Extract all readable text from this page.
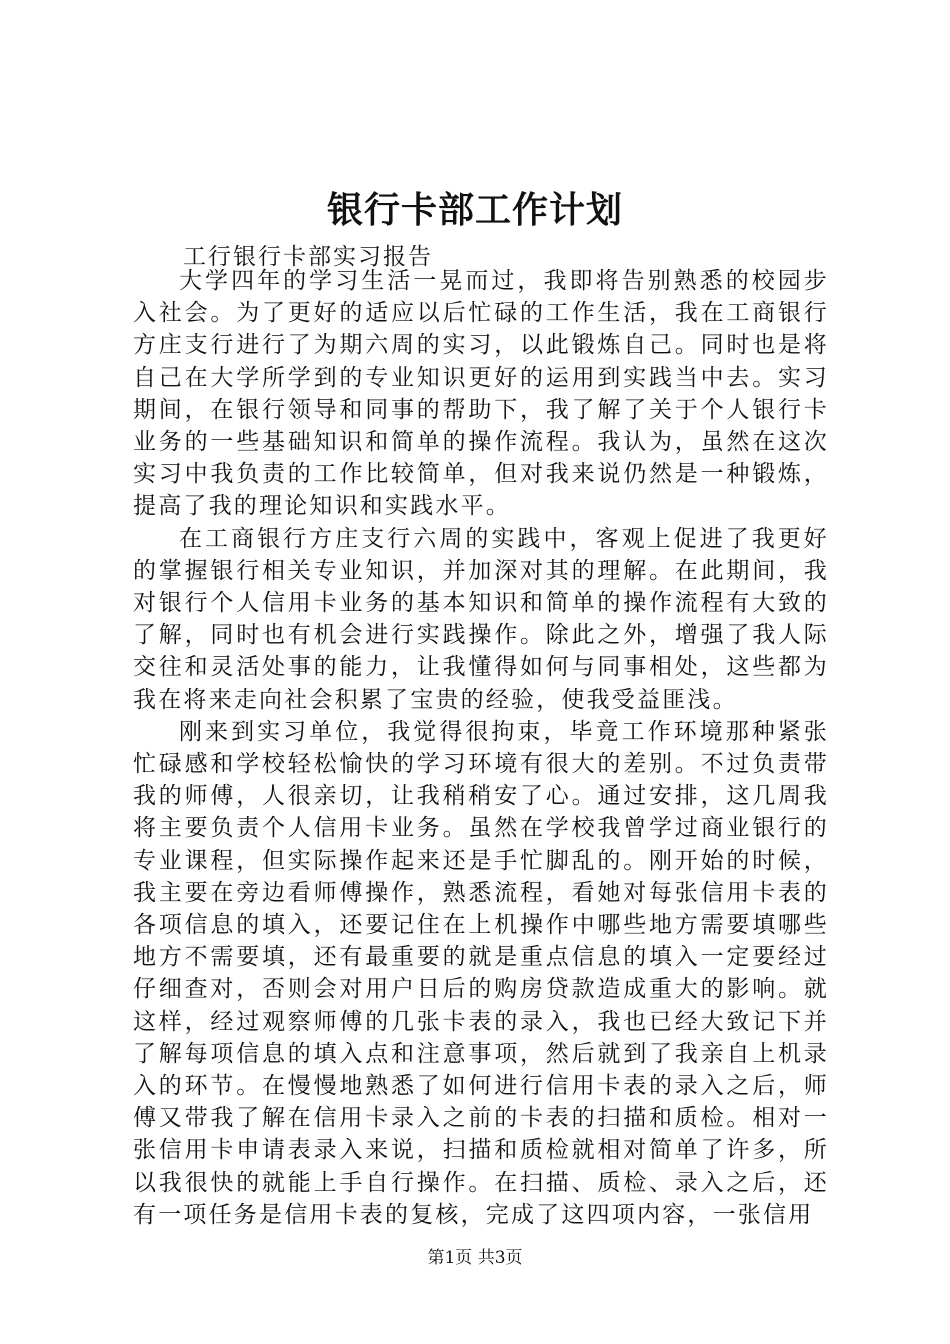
银行卡部工作计划
工行银行卡部实习报告

大学四年的学习生活一晃而过，我即将告别熟悉的校园步入社会。为了更好的适应以后忙碌的工作生活，我在工商银行方庄支行进行了为期六周的实习，以此锻炼自己。同时也是将自己在大学所学到的专业知识更好的运用到实践当中去。实习期间，在银行领导和同事的帮助下，我了解了关于个人银行卡业务的一些基础知识和简单的操作流程。我认为，虽然在这次实习中我负责的工作比较简单，但对我来说仍然是一种锻炼，提高了我的理论知识和实践水平。

在工商银行方庄支行六周的实践中，客观上促进了我更好的掌握银行相关专业知识，并加深对其的理解。在此期间，我对银行个人信用卡业务的基本知识和简单的操作流程有大致的了解，同时也有机会进行实践操作。除此之外，增强了我人际交往和灵活处事的能力，让我懂得如何与同事相处，这些都为我在将来走向社会积累了宝贵的经验，使我受益匪浅。

刚来到实习单位，我觉得很拘束，毕竟工作环境那种紧张忙碌感和学校轻松愉快的学习环境有很大的差别。不过负责带我的师傅，人很亲切，让我稍稍安了心。通过安排，这几周我将主要负责个人信用卡业务。虽然在学校我曾学过商业银行的专业课程，但实际操作起来还是手忙脚乱的。刚开始的时候，我主要在旁边看师傅操作，熟悉流程，看她对每张信用卡表的各项信息的填入，还要记住在上机操作中哪些地方需要填哪些地方不需要填，还有最重要的就是重点信息的填入一定要经过仔细查对，否则会对用户日后的购房贷款造成重大的影响。就这样，经过观察师傅的几张卡表的录入，我也已经大致记下并了解每项信息的填入点和注意事项，然后就到了我亲自上机录入的环节。在慢慢地熟悉了如何进行信用卡表的录入之后，师傅又带我了解在信用卡录入之前的卡表的扫描和质检。相对一张信用卡申请表录入来说，扫描和质检就相对简单了许多，所以我很快的就能上手自行操作。在扫描、质检、录入之后，还有一项任务是信用卡表的复核，完成了这四项内容，一张信用

第1页 共3页
